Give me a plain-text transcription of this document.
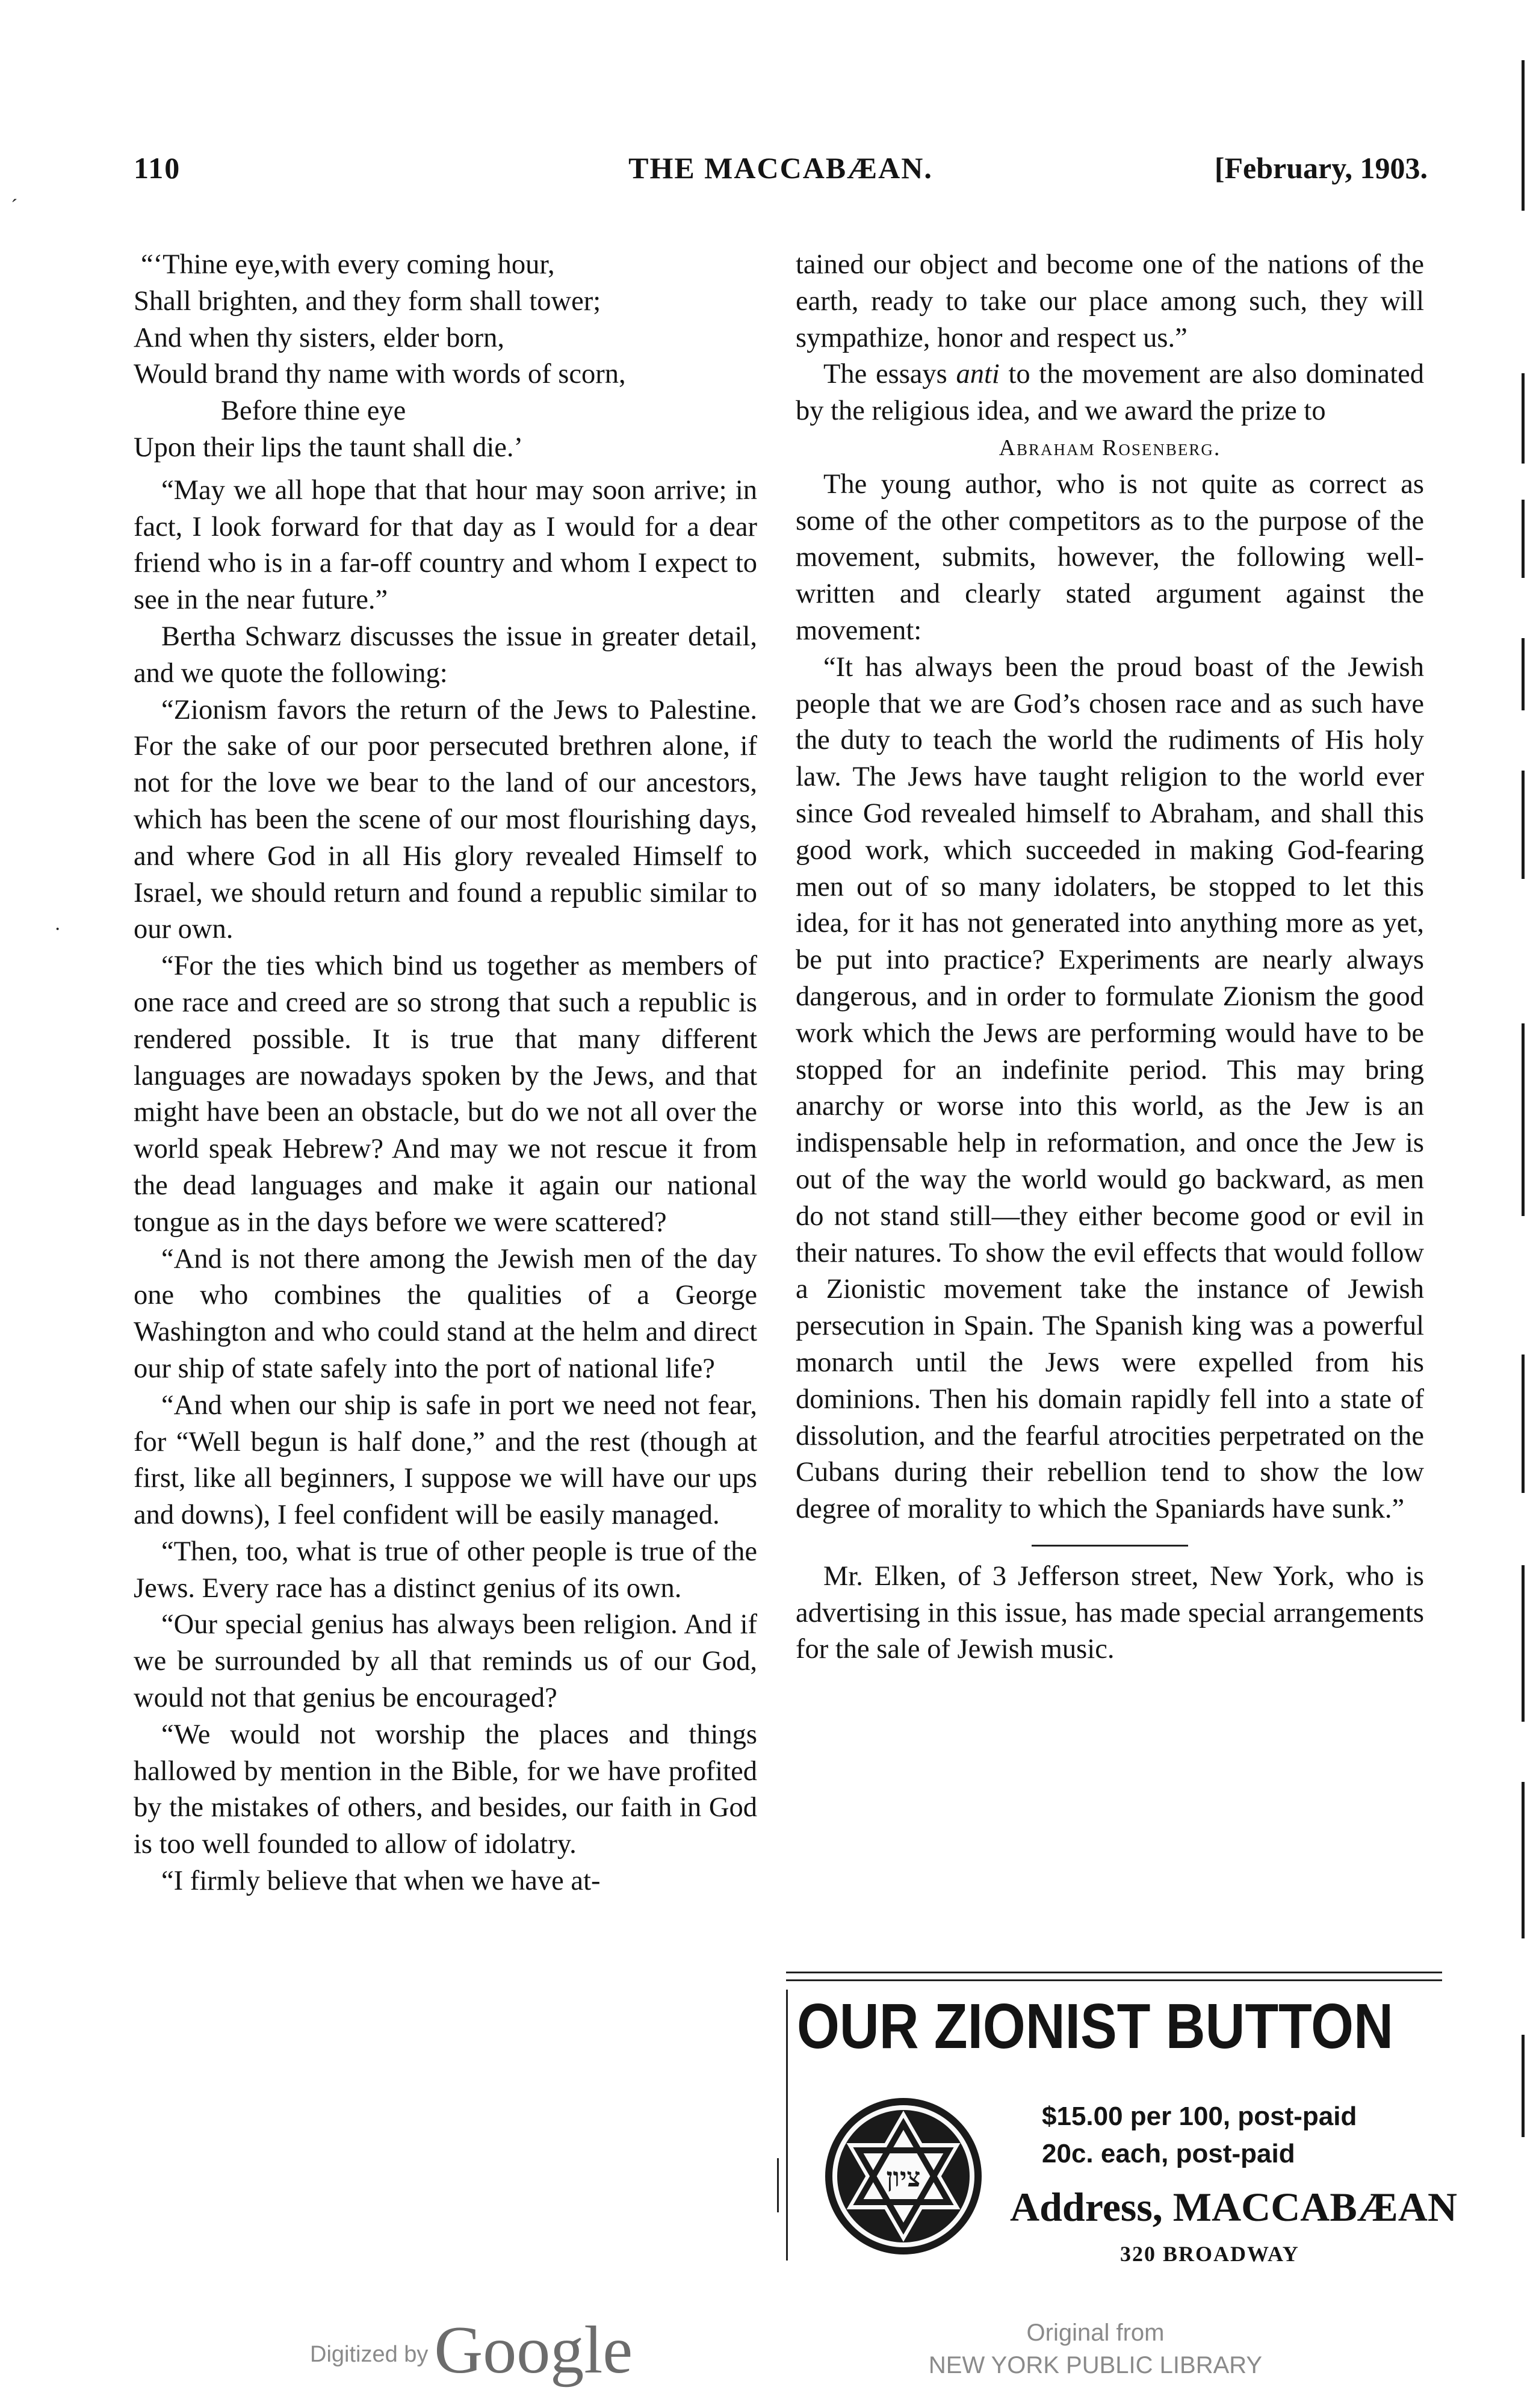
110	THE MACCABÆAN.	[February, 1903.
“‘Thine eye,with every coming hour,
Shall brighten, and they form shall tower;
And when thy sisters, elder born,
Would brand thy name with words of scorn,
Before thine eye
Upon their lips the taunt shall die.’

“May we all hope that that hour may soon arrive; in fact, I look forward for that day as I would for a dear friend who is in a far-off country and whom I expect to see in the near future.”

Bertha Schwarz discusses the issue in greater detail, and we quote the following:

“Zionism favors the return of the Jews to Palestine. For the sake of our poor persecuted brethren alone, if not for the love we bear to the land of our ancestors, which has been the scene of our most flourishing days, and where God in all His glory revealed Himself to Israel, we should return and found a republic similar to our own.

“For the ties which bind us together as members of one race and creed are so strong that such a republic is rendered possible. It is true that many different languages are nowadays spoken by the Jews, and that might have been an obstacle, but do we not all over the world speak Hebrew? And may we not rescue it from the dead languages and make it again our national tongue as in the days before we were scattered?

“And is not there among the Jewish men of the day one who combines the qualities of a George Washington and who could stand at the helm and direct our ship of state safely into the port of national life?

“And when our ship is safe in port we need not fear, for “Well begun is half done,” and the rest (though at first, like all beginners, I suppose we will have our ups and downs), I feel confident will be easily managed.

“Then, too, what is true of other people is true of the Jews. Every race has a distinct genius of its own.

“Our special genius has always been religion. And if we be surrounded by all that reminds us of our God, would not that genius be encouraged?

“We would not worship the places and things hallowed by mention in the Bible, for we have profited by the mistakes of others, and besides, our faith in God is too well founded to allow of idolatry.

“I firmly believe that when we have at-

tained our object and become one of the nations of the earth, ready to take our place among such, they will sympathize, honor and respect us.”

The essays anti to the movement are also dominated by the religious idea, and we award the prize to

Abraham Rosenberg.

The young author, who is not quite as correct as some of the other competitors as to the purpose of the movement, submits, however, the following well-written and clearly stated argument against the movement:

“It has always been the proud boast of the Jewish people that we are God’s chosen race and as such have the duty to teach the world the rudiments of His holy law. The Jews have taught religion to the world ever since God revealed himself to Abraham, and shall this good work, which succeeded in making God-fearing men out of so many idolaters, be stopped to let this idea, for it has not generated into anything more as yet, be put into practice? Experiments are nearly always dangerous, and in order to formulate Zionism the good work which the Jews are performing would have to be stopped for an indefinite period. This may bring anarchy or worse into this world, as the Jew is an indispensable help in reformation, and once the Jew is out of the way the world would go backward, as men do not stand still—they either become good or evil in their natures. To show the evil effects that would follow a Zionistic movement take the instance of Jewish persecution in Spain. The Spanish king was a powerful monarch until the Jews were expelled from his dominions. Then his domain rapidly fell into a state of dissolution, and the fearful atrocities perpetrated on the Cubans during their rebellion tend to show the low degree of morality to which the Spaniards have sunk.”

Mr. Elken, of 3 Jefferson street, New York, who is advertising in this issue, has made special arrangements for the sale of Jewish music.

OUR ZIONIST BUTTON
ציון
$15.00 per 100, post-paid
20c. each, post-paid
Address, MACCABÆAN
320 BROADWAY
Digitized byGoogle	Original from
NEW YORK PUBLIC LIBRARY
´
·
